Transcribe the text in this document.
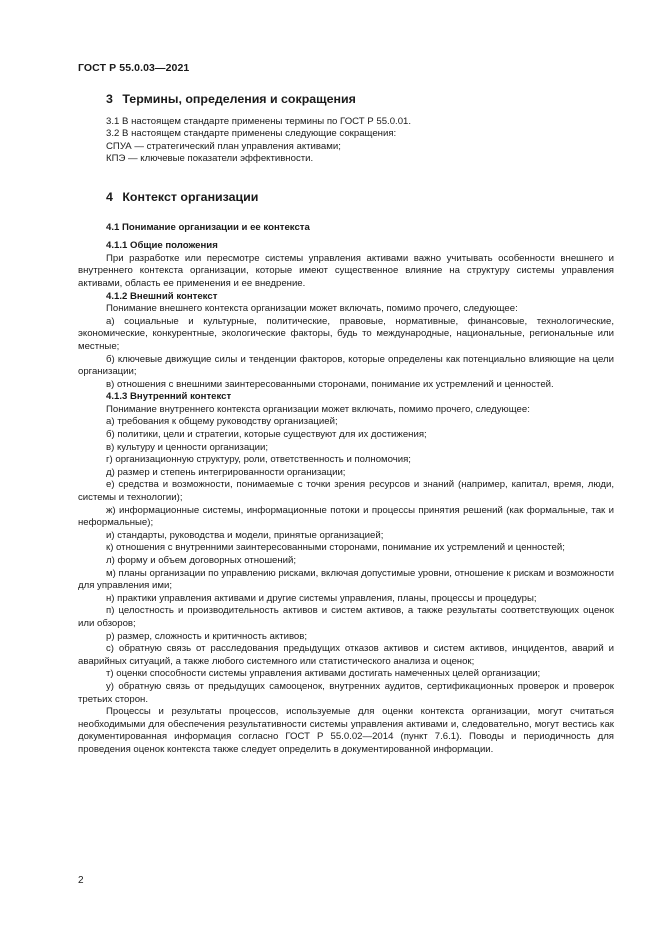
ГОСТ Р 55.0.03—2021
3 Термины, определения и сокращения

3.1 В настоящем стандарте применены термины по ГОСТ Р 55.0.01.

3.2 В настоящем стандарте применены следующие сокращения:

СПУА — стратегический план управления активами;

КПЭ — ключевые показатели эффективности.

4 Контекст организации
4.1 Понимание организации и ее контекста
4.1.1 Общие положения

При разработке или пересмотре системы управления активами важно учитывать особенности внешнего и внутреннего контекста организации, которые имеют существенное влияние на структуру системы управления активами, область ее применения и ее внедрение.

4.1.2 Внешний контекст

Понимание внешнего контекста организации может включать, помимо прочего, следующее:

а) социальные и культурные, политические, правовые, нормативные, финансовые, технологические, экономические, конкурентные, экологические факторы, будь то международные, национальные, региональные или местные;

б) ключевые движущие силы и тенденции факторов, которые определены как потенциально влияющие на цели организации;

в) отношения с внешними заинтересованными сторонами, понимание их устремлений и ценностей.

4.1.3 Внутренний контекст

Понимание внутреннего контекста организации может включать, помимо прочего, следующее:

а) требования к общему руководству организацией;

б) политики, цели и стратегии, которые существуют для их достижения;

в) культуру и ценности организации;

г) организационную структуру, роли, ответственность и полномочия;

д) размер и степень интегрированности организации;

е) средства и возможности, понимаемые с точки зрения ресурсов и знаний (например, капитал, время, люди, системы и технологии);

ж) информационные системы, информационные потоки и процессы принятия решений (как формальные, так и неформальные);

и) стандарты, руководства и модели, принятые организацией;

к) отношения с внутренними заинтересованными сторонами, понимание их устремлений и ценностей;

л) форму и объем договорных отношений;

м) планы организации по управлению рисками, включая допустимые уровни, отношение к рискам и возможности для управления ими;

н) практики управления активами и другие системы управления, планы, процессы и процедуры;

п) целостность и производительность активов и систем активов, а также результаты соответствующих оценок или обзоров;

р) размер, сложность и критичность активов;

с) обратную связь от расследования предыдущих отказов активов и систем активов, инцидентов, аварий и аварийных ситуаций, а также любого системного или статистического анализа и оценок;

т) оценки способности системы управления активами достигать намеченных целей организации;

у) обратную связь от предыдущих самооценок, внутренних аудитов, сертификационных проверок и проверок третьих сторон.

Процессы и результаты процессов, используемые для оценки контекста организации, могут считаться необходимыми для обеспечения результативности системы управления активами и, следовательно, могут вестись как документированная информация согласно ГОСТ Р 55.0.02—2014 (пункт 7.6.1). Поводы и периодичность для проведения оценок контекста также следует определить в документированной информации.

2
